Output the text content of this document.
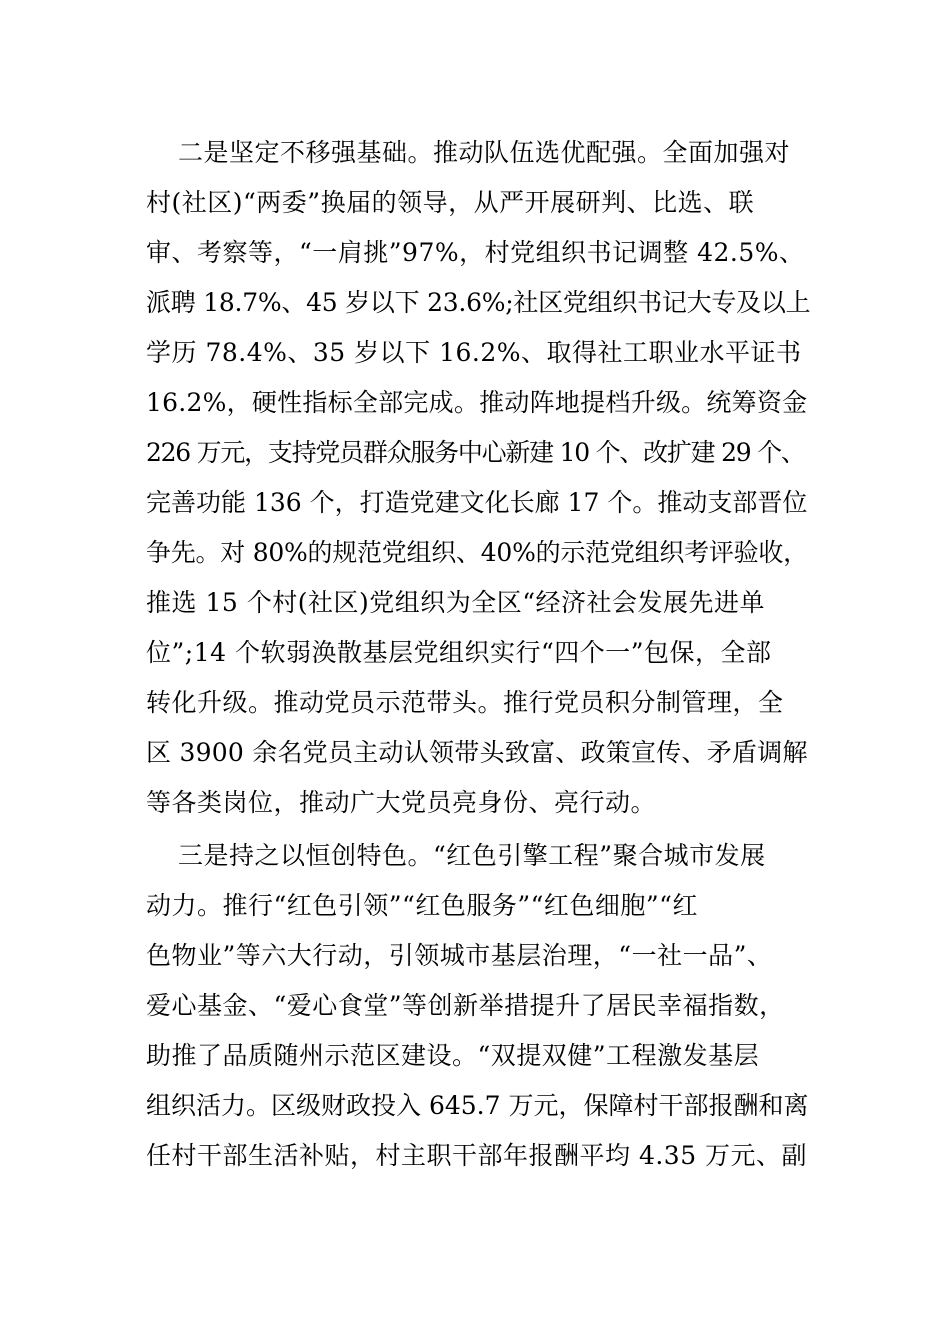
二是坚定不移强基础。推动队伍选优配强。全面加强对
村(社区)“两委”换届的领导，从严开展研判、比选、联
审、考察等，“一肩挑”97%，村党组织书记调整 42.5%、
派聘 18.7%、45 岁以下 23.6%;社区党组织书记大专及以上
学历 78.4%、35 岁以下 16.2%、取得社工职业水平证书
16.2%，硬性指标全部完成。推动阵地提档升级。统筹资金
226 万元，支持党员群众服务中心新建 10 个、改扩建 29 个、
完善功能 136 个，打造党建文化长廊 17 个。推动支部晋位
争先。对 80%的规范党组织、40%的示范党组织考评验收，
推选 15 个村(社区)党组织为全区“经济社会发展先进单
位”;14 个软弱涣散基层党组织实行“四个一”包保，全部
转化升级。推动党员示范带头。推行党员积分制管理，全
区 3900 余名党员主动认领带头致富、政策宣传、矛盾调解
等各类岗位，推动广大党员亮身份、亮行动。
三是持之以恒创特色。“红色引擎工程”聚合城市发展
动力。推行“红色引领”“红色服务”“红色细胞”“红
色物业”等六大行动，引领城市基层治理，“一社一品”、
爱心基金、“爱心食堂”等创新举措提升了居民幸福指数，
助推了品质随州示范区建设。“双提双健”工程激发基层
组织活力。区级财政投入 645.7 万元，保障村干部报酬和离
任村干部生活补贴，村主职干部年报酬平均 4.35 万元、副
